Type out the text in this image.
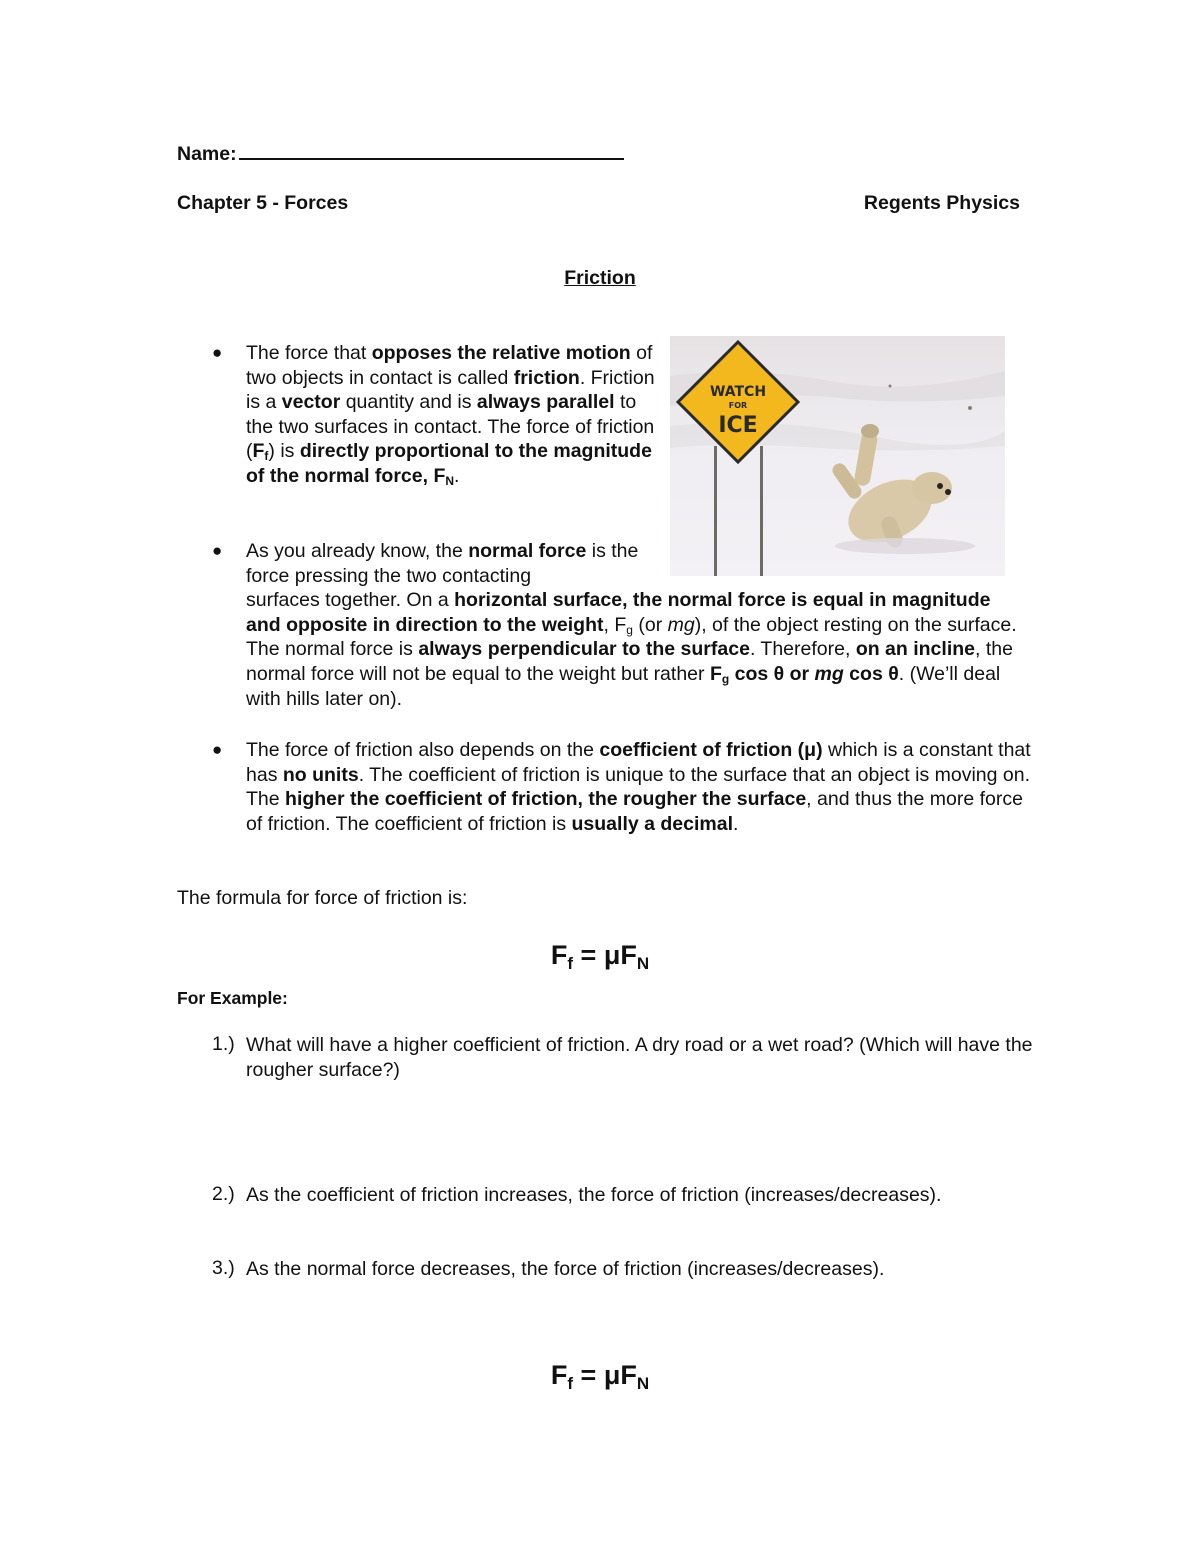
Name:
Chapter 5 - Forces	Regents Physics
Friction
WATCH
FOR
ICE
● The force that opposes the relative motion of two objects in contact is called friction. Friction is a vector quantity and is always parallel to the two surfaces in contact. The force of friction $(F_f)$ is directly proportional to the magnitude of the normal force, $F_N$.
● As you already know, the normal force is the force pressing the two contacting
surfaces together. On a horizontal surface, the normal force is equal in magnitude and opposite in direction to the weight, $F_g$ (or mg), of the object resting on the surface. The normal force is always perpendicular to the surface. Therefore, on an incline, the normal force will not be equal to the weight but rather $F_g$ cos θ or mg cos θ. (We’ll deal with hills later on).
● The force of friction also depends on the coefficient of friction (μ) which is a constant that has no units. The coefficient of friction is unique to the surface that an object is moving on. The higher the coefficient of friction, the rougher the surface, and thus the more force of friction. The coefficient of friction is usually a decimal.
The formula for force of friction is:
$F_f = \mu F_N$
For Example:
1.) What will have a higher coefficient of friction. A dry road or a wet road? (Which will have the rougher surface?)
2.) As the coefficient of friction increases, the force of friction (increases/decreases).
3.) As the normal force decreases, the force of friction (increases/decreases).
$F_f = \mu F_N$
